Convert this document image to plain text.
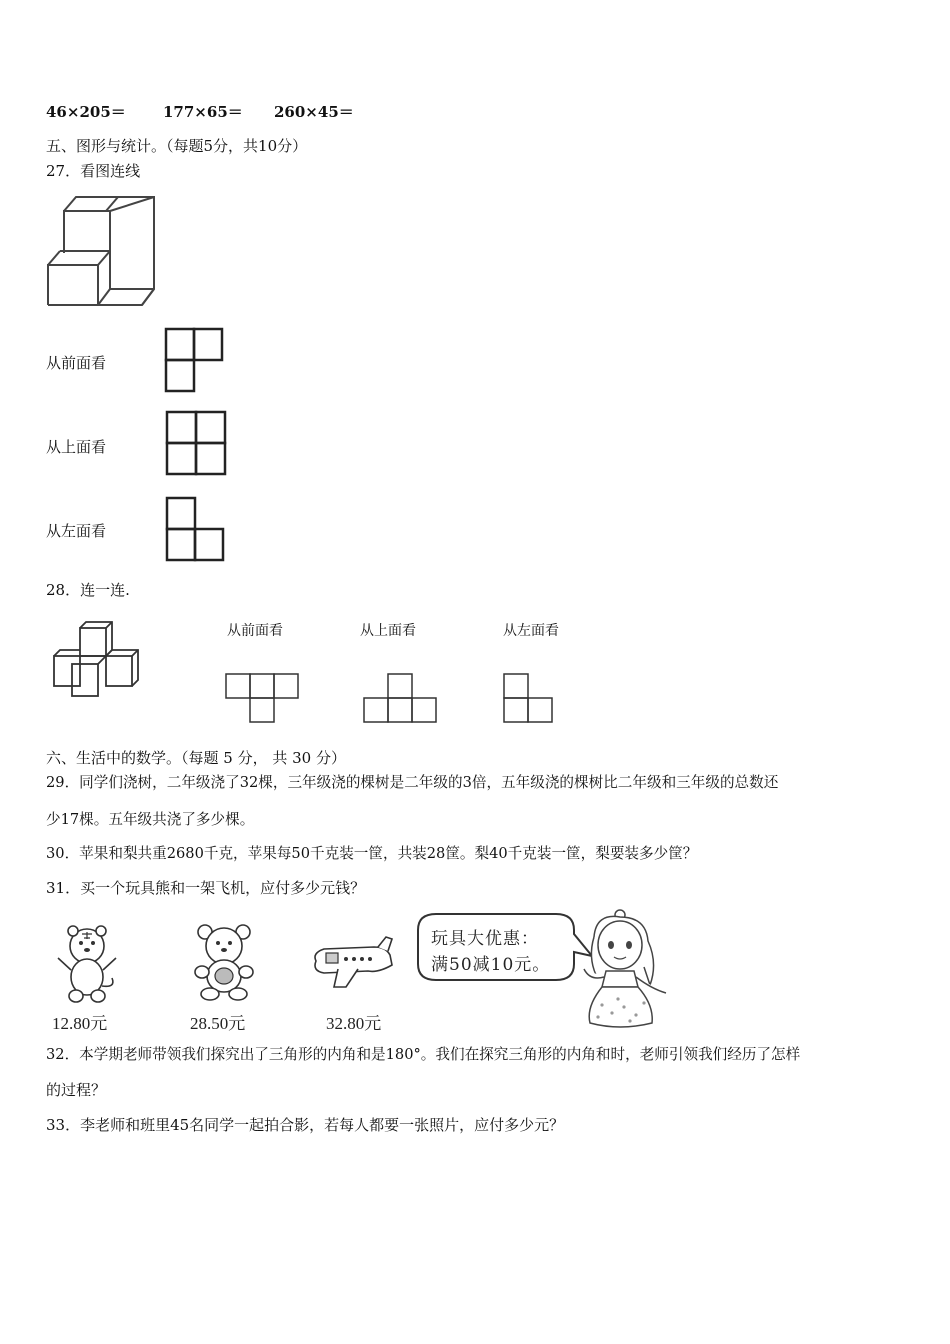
46×205＝ 177×65＝ 260×45＝
五、图形与统计。（每题5分，共10分）
27．看图连线
从前面看
从上面看
从左面看
28．连一连.
从前面看	从上面看	从左面看
六、生活中的数学。（每题 5 分， 共 30 分）
29．同学们浇树，二年级浇了32棵，三年级浇的棵树是二年级的3倍，五年级浇的棵树比二年级和三年级的总数还
少17棵。五年级共浇了多少棵。
30．苹果和梨共重2680千克，苹果每50千克装一筐，共装28筐。梨40千克装一筐，梨要装多少筐？
31．买一个玩具熊和一架飞机，应付多少元钱？
12.80元	28.50元	32.80元
玩具大优惠：
满50减10元。
32．本学期老师带领我们探究出了三角形的内角和是180°。我们在探究三角形的内角和时，老师引领我们经历了怎样
的过程？
33．李老师和班里45名同学一起拍合影，若每人都要一张照片，应付多少元？
